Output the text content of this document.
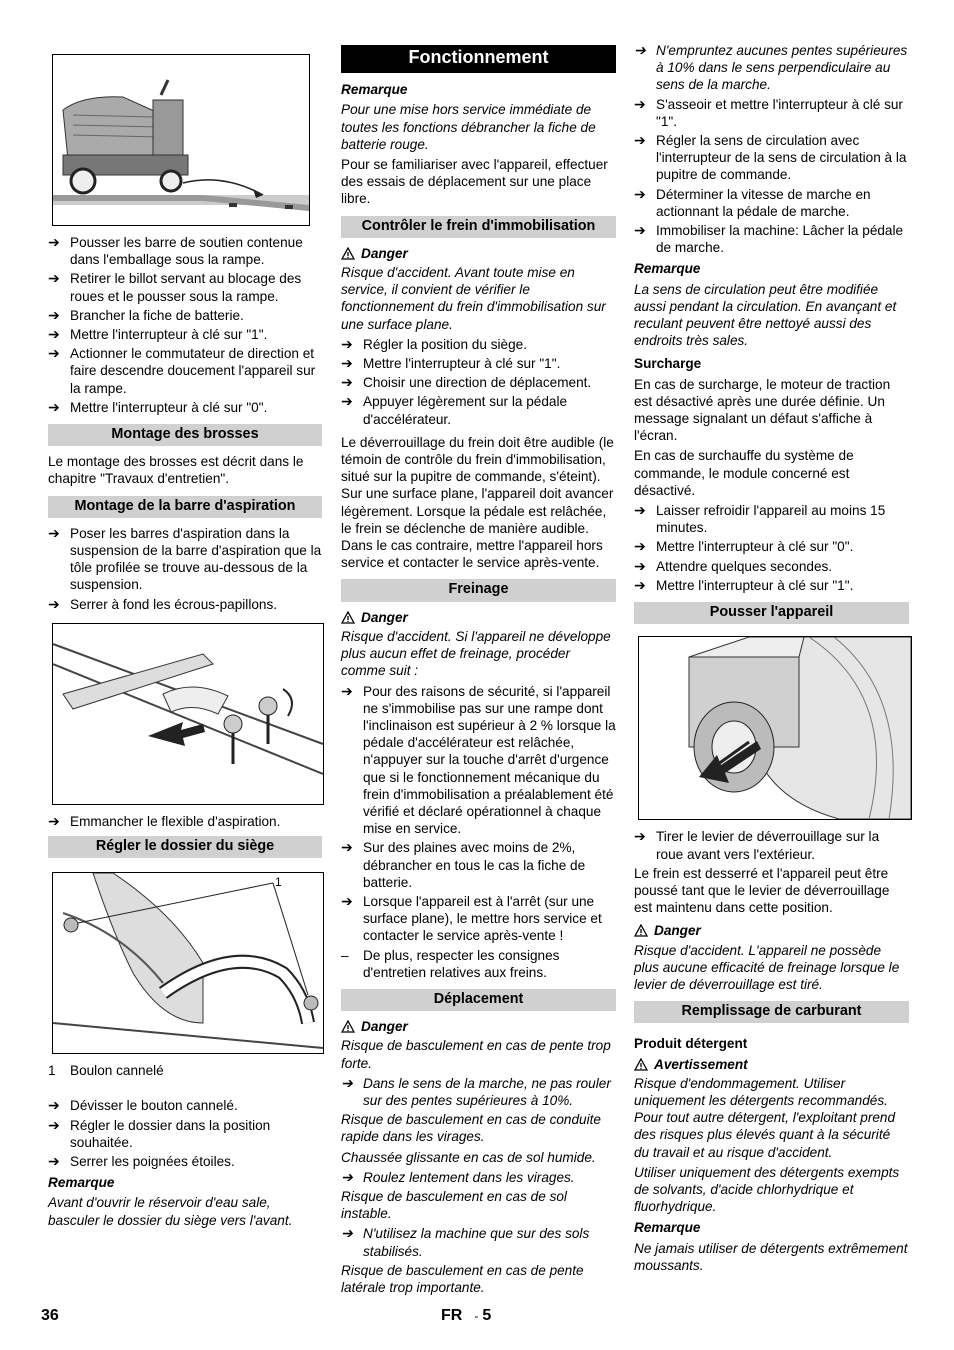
➔ Pousser les barre de soutien contenue dans l'emballage sous la rampe.
➔ Retirer le billot servant au blocage des roues et le pousser sous la rampe.
➔ Brancher la fiche de batterie.
➔ Mettre l'interrupteur à clé sur "1".
➔ Actionner le commutateur de direction et faire descendre doucement l'appareil sur la rampe.
➔ Mettre l'interrupteur à clé sur "0".
Montage des brosses

Le montage des brosses est décrit dans le chapitre "Travaux d'entretien".

Montage de la barre d'aspiration
➔ Poser les barres d'aspiration dans la suspension de la barre d'aspiration que la tôle profilée se trouve au-dessous de la suspension.
➔ Serrer à fond les écrous-papillons.
➔ Emmancher le flexible d'aspiration.
Régler le dossier du siège
1
1	Boulon cannelé
➔ Dévisser le bouton cannelé.
➔ Régler le dossier dans la position souhaitée.
➔ Serrer les poignées étoiles.

Remarque

Avant d'ouvrir le réservoir d'eau sale, basculer le dossier du siège vers l'avant.

Fonctionnement

Remarque

Pour une mise hors service immédiate de toutes les fonctions débrancher la fiche de batterie rouge.

Pour se familiariser avec l'appareil, effectuer des essais de déplacement sur une place libre.

Contrôler le frein d'immobilisation
Danger

Risque d'accident. Avant toute mise en service, il convient de vérifier le fonctionnement du frein d'immobilisation sur une surface plane.

➔ Régler la position du siège.
➔ Mettre l'interrupteur à clé sur "1".
➔ Choisir une direction de déplacement.
➔ Appuyer légèrement sur la pédale d'accélérateur.

Le déverrouillage du frein doit être audible (le témoin de contrôle du frein d'immobilisation, situé sur la pupitre de commande, s'éteint). Sur une surface plane, l'appareil doit avancer légèrement. Lorsque la pédale est relâchée, le frein se déclenche de manière audible. Dans le cas contraire, mettre l'appareil hors service et contacter le service après-vente.

Freinage
Danger

Risque d'accident. Si l'appareil ne développe plus aucun effet de freinage, procéder comme suit :

➔ Pour des raisons de sécurité, si l'appareil ne s'immobilise pas sur une rampe dont l'inclinaison est supérieur à 2 % lorsque la pédale d'accélérateur est relâchée, n'appuyer sur la touche d'arrêt d'urgence que si le fonctionnement mécanique du frein d'immobilisation a préalablement été vérifié et déclaré opérationnel à chaque mise en service.
➔ Sur des plaines avec moins de 2%, débrancher en tous le cas la fiche de batterie.
➔ Lorsque l'appareil est à l'arrêt (sur une surface plane), le mettre hors service et contacter le service après-vente !
–	De plus, respecter les consignes d'entretien relatives aux freins.
Déplacement
Danger

Risque de basculement en cas de pente trop forte.

➔ Dans le sens de la marche, ne pas rouler sur des pentes supérieures à 10%.

Risque de basculement en cas de conduite rapide dans les virages.

Chaussée glissante en cas de sol humide.

➔ Roulez lentement dans les virages.

Risque de basculement en cas de sol instable.

➔ N'utilisez la machine que sur des sols stabilisés.

Risque de basculement en cas de pente latérale trop importante.

➔ N'empruntez aucunes pentes supérieures à 10% dans le sens perpendiculaire au sens de la marche.
➔ S'asseoir et mettre l'interrupteur à clé sur "1".
➔ Régler la sens de circulation avec l'interrupteur de la sens de circulation à la pupitre de commande.
➔ Déterminer la vitesse de marche en actionnant la pédale de marche.
➔ Immobiliser la machine: Lâcher la pédale de marche.

Remarque

La sens de circulation peut être modifiée aussi pendant la circulation. En avançant et reculant peuvent être nettoyé aussi des endroits très sales.

Surcharge

En cas de surcharge, le moteur de traction est désactivé après une durée définie. Un message signalant un défaut s'affiche à l'écran.

En cas de surchauffe du système de commande, le module concerné est désactivé.

➔ Laisser refroidir l'appareil au moins 15 minutes.
➔ Mettre l'interrupteur à clé sur "0".
➔ Attendre quelques secondes.
➔ Mettre l'interrupteur à clé sur "1".
Pousser l'appareil
➔ Tirer le levier de déverrouillage sur la roue avant vers l'extérieur.

Le frein est desserré et l'appareil peut être poussé tant que le levier de déverrouillage est maintenu dans cette position.

Danger

Risque d'accident. L'appareil ne possède plus aucune efficacité de freinage lorsque le levier de déverrouillage est tiré.

Remplissage de carburant

Produit détergent

Avertissement

Risque d'endommagement. Utiliser uniquement les détergents recommandés. Pour tout autre détergent, l'exploitant prend des risques plus élevés quant à la sécurité du travail et au risque d'accident.

Utiliser uniquement des détergents exempts de solvants, d'acide chlorhydrique et fluorhydrique.

Remarque

Ne jamais utiliser de détergents extrêmement moussants.

36	FR - 5
